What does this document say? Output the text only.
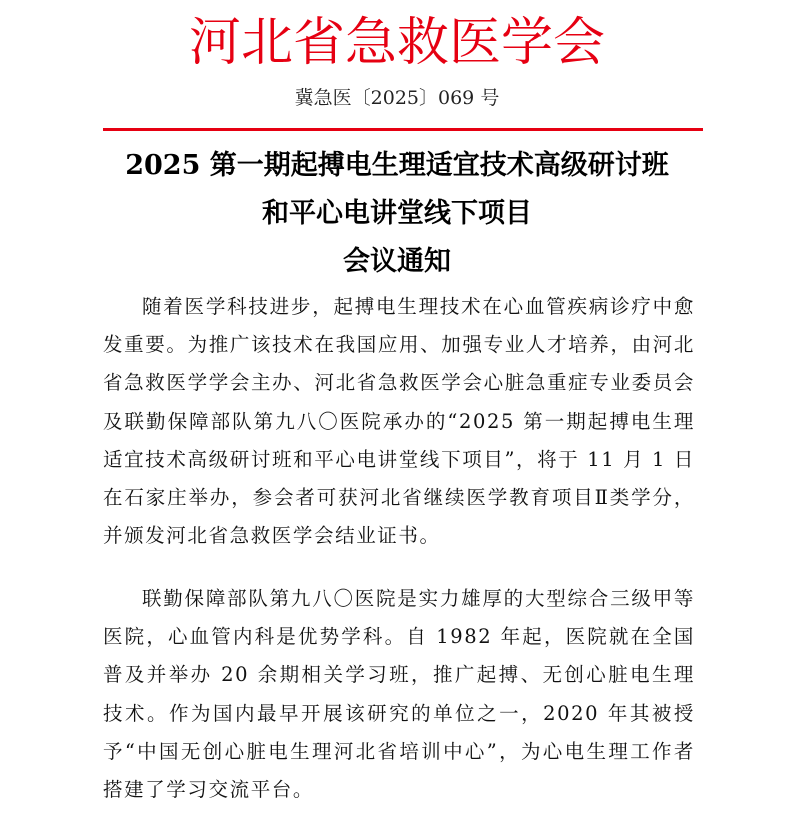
河北省急救医学会
冀急医〔2025〕069 号
2025 第一期起搏电生理适宜技术高级研讨班
和平心电讲堂线下项目
会议通知

随着医学科技进步，起搏电生理技术在心血管疾病诊疗中愈发重要。为推广该技术在我国应用、加强专业人才培养，由河北省急救医学学会主办、河北省急救医学会心脏急重症专业委员会及联勤保障部队第九八〇医院承办的“2025 第一期起搏电生理适宜技术高级研讨班和平心电讲堂线下项目”，将于 11 月 1 日在石家庄举办，参会者可获河北省继续医学教育项目Ⅱ类学分，并颁发河北省急救医学会结业证书。

联勤保障部队第九八〇医院是实力雄厚的大型综合三级甲等医院，心血管内科是优势学科。自 1982 年起，医院就在全国普及并举办 20 余期相关学习班，推广起搏、无创心脏电生理技术。作为国内最早开展该研究的单位之一，2020 年其被授予“中国无创心脏电生理河北省培训中心”，为心电生理工作者搭建了学习交流平台。
